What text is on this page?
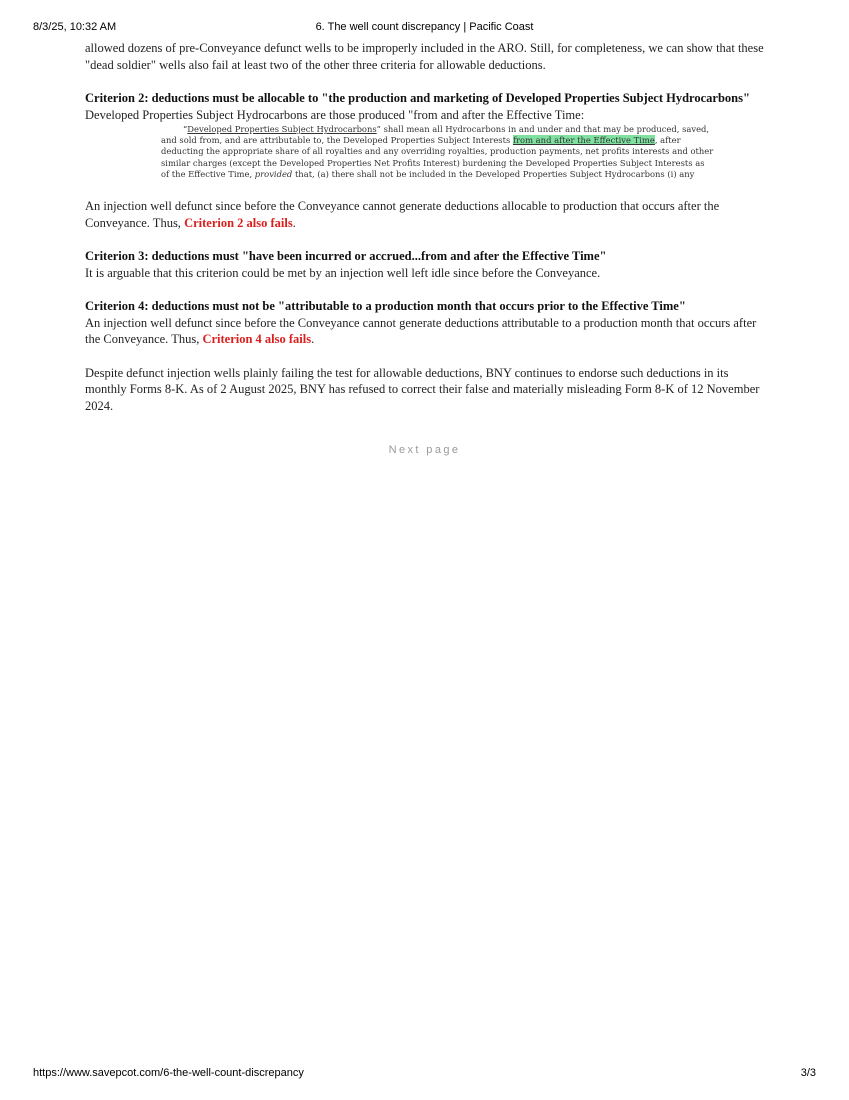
8/3/25, 10:32 AM	6. The well count discrepancy | Pacific Coast

allowed dozens of pre-Conveyance defunct wells to be improperly included in the ARO. Still, for completeness, we can show that these "dead soldier" wells also fail at least two of the other three criteria for allowable deductions.

Criterion 2: deductions must be allocable to "the production and marketing of Developed Properties Subject Hydrocarbons"

Developed Properties Subject Hydrocarbons are those produced "from and after the Effective Time:

“Developed Properties Subject Hydrocarbons” shall mean all Hydrocarbons in and under and that may be produced, saved,
and sold from, and are attributable to, the Developed Properties Subject Interests from and after the Effective Time, after
deducting the appropriate share of all royalties and any overriding royalties, production payments, net profits interests and other
similar charges (except the Developed Properties Net Profits Interest) burdening the Developed Properties Subject Interests as
of the Effective Time, provided that, (a) there shall not be included in the Developed Properties Subject Hydrocarbons (i) any

An injection well defunct since before the Conveyance cannot generate deductions allocable to production that occurs after the Conveyance. Thus, Criterion 2 also fails.

Criterion 3: deductions must "have been incurred or accrued...from and after the Effective Time"

It is arguable that this criterion could be met by an injection well left idle since before the Conveyance.

Criterion 4: deductions must not be "attributable to a production month that occurs prior to the Effective Time"

An injection well defunct since before the Conveyance cannot generate deductions attributable to a production month that occurs after the Conveyance. Thus, Criterion 4 also fails.

Despite defunct injection wells plainly failing the test for allowable deductions, BNY continues to endorse such deductions in its monthly Forms 8-K. As of 2 August 2025, BNY has refused to correct their false and materially misleading Form 8-K of 12 November 2024.

Next page
https://www.savepcot.com/6-the-well-count-discrepancy	3/3
